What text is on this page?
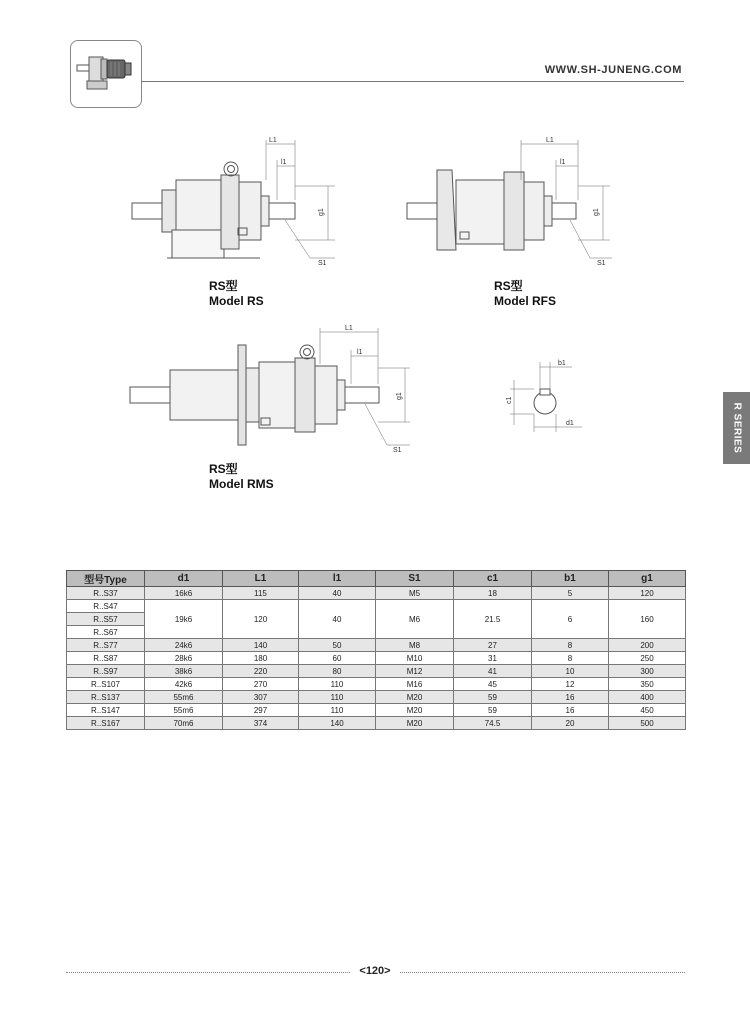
WWW.SH-JUNENG.COM
R SERIES
L1
l1
g1
S1
RS型
Model RS
L1
l1
g1
S1
RS型
Model RFS
L1
l1
g1
S1
RS型
Model RMS
b1
c1
d1
型号Type	d1	L1	l1	S1	c1	b1	g1
R..S37	16k6	115	40	M5	18	5	120
R..S47	19k6	120	40	M6	21.5	6	160
R..S57							
R..S67							
R..S77	24k6	140	50	M8	27	8	200
R..S87	28k6	180	60	M10	31	8	250
R..S97	38k6	220	80	M12	41	10	300
R..S107	42k6	270	110	M16	45	12	350
R..S137	55m6	307	110	M20	59	16	400
R..S147	55m6	297	110	M20	59	16	450
R..S167	70m6	374	140	M20	74.5	20	500
<120>
